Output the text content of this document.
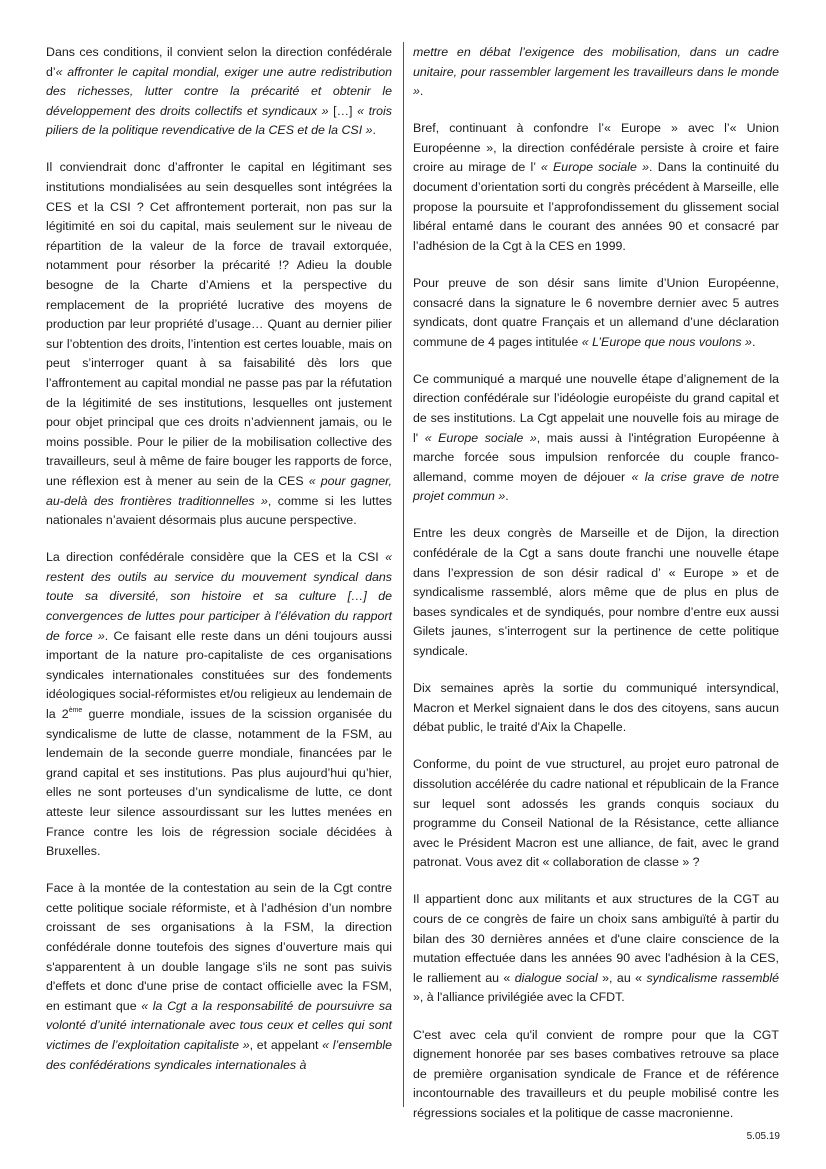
Dans ces conditions, il convient selon la direction confédérale d’« affronter le capital mondial, exiger une autre redistribution des richesses, lutter contre la précarité et obtenir le développement des droits collectifs et syndicaux » […] « trois piliers de la politique revendicative de la CES et de la CSI ».

Il conviendrait donc d’affronter le capital en légitimant ses institutions mondialisées au sein desquelles sont intégrées la CES et la CSI ? Cet affrontement porterait, non pas sur la légitimité en soi du capital, mais seulement sur le niveau de répartition de la valeur de la force de travail extorquée, notamment pour résorber la précarité !? Adieu la double besogne de la Charte d’Amiens et la perspective du remplacement de la propriété lucrative des moyens de production par leur propriété d’usage… Quant au dernier pilier sur l’obtention des droits, l’intention est certes louable, mais on peut s’interroger quant à sa faisabilité dès lors que l’affrontement au capital mondial ne passe pas par la réfutation de la légitimité de ses institutions, lesquelles ont justement pour objet principal que ces droits n’adviennent jamais, ou le moins possible. Pour le pilier de la mobilisation collective des travailleurs, seul à même de faire bouger les rapports de force, une réflexion est à mener au sein de la CES « pour gagner, au-delà des frontières traditionnelles », comme si les luttes nationales n’avaient désormais plus aucune perspective.

La direction confédérale considère que la CES et la CSI « restent des outils au service du mouvement syndical dans toute sa diversité, son histoire et sa culture […] de convergences de luttes pour participer à l’élévation du rapport de force ». Ce faisant elle reste dans un déni toujours aussi important de la nature pro-capitaliste de ces organisations syndicales internationales constituées sur des fondements idéologiques social-réformistes et/ou religieux au lendemain de la 2ème guerre mondiale, issues de la scission organisée du syndicalisme de lutte de classe, notamment de la FSM, au lendemain de la seconde guerre mondiale, financées par le grand capital et ses institutions. Pas plus aujourd’hui qu’hier, elles ne sont porteuses d’un syndicalisme de lutte, ce dont atteste leur silence assourdissant sur les luttes menées en France contre les lois de régression sociale décidées à Bruxelles.

Face à la montée de la contestation au sein de la Cgt contre cette politique sociale réformiste, et à l’adhésion d’un nombre croissant de ses organisations à la FSM, la direction confédérale donne toutefois des signes d’ouverture mais qui s'apparentent à un double langage s'ils ne sont pas suivis d'effets et donc d'une prise de contact officielle avec la FSM, en estimant que « la Cgt a la responsabilité de poursuivre sa volonté d’unité internationale avec tous ceux et celles qui sont victimes de l’exploitation capitaliste », et appelant « l’ensemble des confédérations syndicales internationales à

mettre en débat l’exigence des mobilisation, dans un cadre unitaire, pour rassembler largement les travailleurs dans le monde ».

Bref, continuant à confondre l’« Europe » avec l’« Union Européenne », la direction confédérale persiste à croire et faire croire au mirage de l’ « Europe sociale ». Dans la continuité du document d’orientation sorti du congrès précédent à Marseille, elle propose la poursuite et l’approfondissement du glissement social libéral entamé dans le courant des années 90 et consacré par l’adhésion de la Cgt à la CES en 1999.

Pour preuve de son désir sans limite d’Union Européenne, consacré dans la signature le 6 novembre dernier avec 5 autres syndicats, dont quatre Français et un allemand d’une déclaration commune de 4 pages intitulée « L’Europe que nous voulons ».

Ce communiqué a marqué une nouvelle étape d’alignement de la direction confédérale sur l’idéologie européiste du grand capital et de ses institutions. La Cgt appelait une nouvelle fois au mirage de l' « Europe sociale », mais aussi à l'intégration Européenne à marche forcée sous impulsion renforcée du couple franco-allemand, comme moyen de déjouer « la crise grave de notre projet commun ».

Entre les deux congrès de Marseille et de Dijon, la direction confédérale de la Cgt a sans doute franchi une nouvelle étape dans l’expression de son désir radical d’ « Europe » et de syndicalisme rassemblé, alors même que de plus en plus de bases syndicales et de syndiqués, pour nombre d’entre eux aussi Gilets jaunes, s’interrogent sur la pertinence de cette politique syndicale.

Dix semaines après la sortie du communiqué intersyndical, Macron et Merkel signaient dans le dos des citoyens, sans aucun débat public, le traité d'Aix la Chapelle.

Conforme, du point de vue structurel, au projet euro patronal de dissolution accélérée du cadre national et républicain de la France sur lequel sont adossés les grands conquis sociaux du programme du Conseil National de la Résistance, cette alliance avec le Président Macron est une alliance, de fait, avec le grand patronat. Vous avez dit « collaboration de classe » ?

Il appartient donc aux militants et aux structures de la CGT au cours de ce congrès de faire un choix sans ambiguïté à partir du bilan des 30 dernières années et d'une claire conscience de la mutation effectuée dans les années 90 avec l'adhésion à la CES, le ralliement au « dialogue social », au « syndicalisme rassemblé », à l'alliance privilégiée avec la CFDT.

C'est avec cela qu'il convient de rompre pour que la CGT dignement honorée par ses bases combatives retrouve sa place de première organisation syndicale de France et de référence incontournable des travailleurs et du peuple mobilisé contre les régressions sociales et la politique de casse macronienne.

5.05.19
